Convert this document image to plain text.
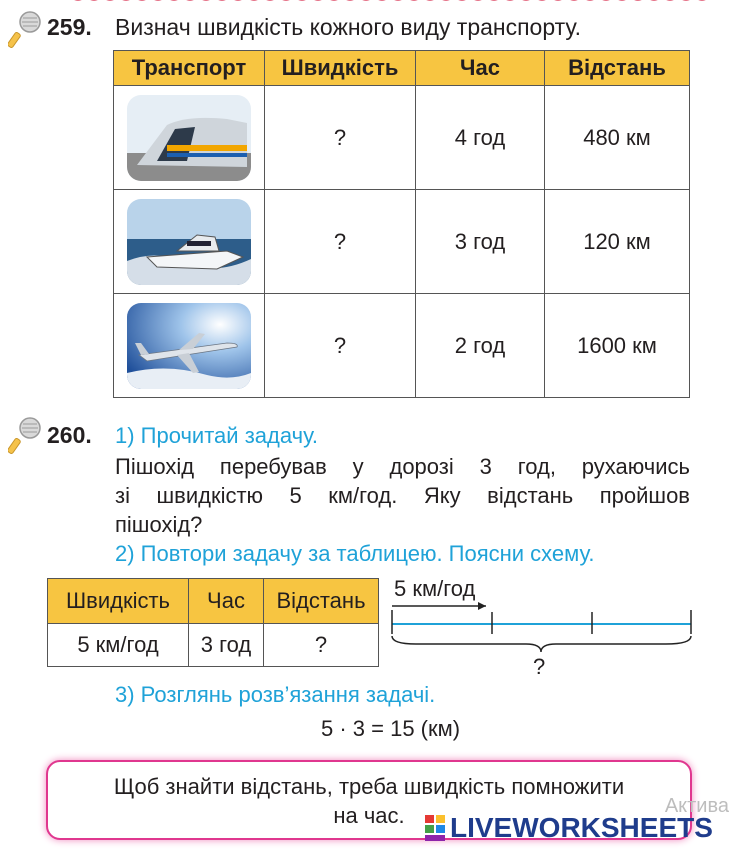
259. Визнач швидкість кожного виду транспорту.
Транспорт	Швидкість	Час	Відстань

	?	4 год	480 км

	?	3 год	120 км

	?	2 год	1600 км
260. 1) Прочитай задачу.
Пішохід перебував у дорозі 3 год, рухаючись
зі швидкістю 5 км/год. Яку відстань пройшов
пішохід?
2) Повтори задачу за таблицею. Поясни схему.
Швидкість	Час	Відстань
5 км/год	3 год	?
5 км/год
?
3) Розглянь розв’язання задачі.
5 · 3 = 15 (км)
Щоб знайти відстань, треба швидкість помножити
на час.	Актива
LIVEWORKSHEETS
